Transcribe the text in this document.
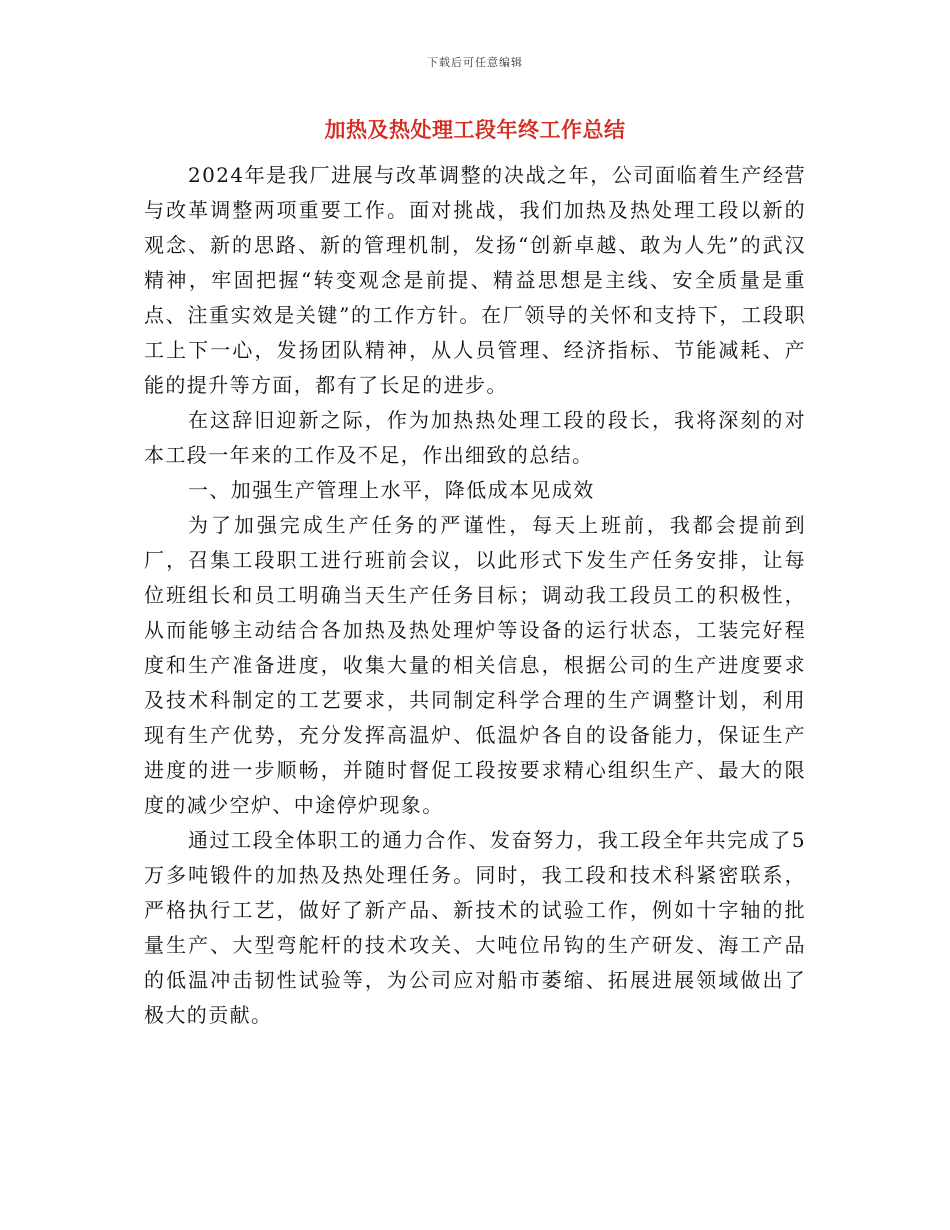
下载后可任意编辑
加热及热处理工段年终工作总结

2024年是我厂进展与改革调整的决战之年，公司面临着生产经营与改革调整两项重要工作。面对挑战，我们加热及热处理工段以新的观念、新的思路、新的管理机制，发扬“创新卓越、敢为人先”的武汉精神，牢固把握“转变观念是前提、精益思想是主线、安全质量是重点、注重实效是关键”的工作方针。在厂领导的关怀和支持下，工段职工上下一心，发扬团队精神，从人员管理、经济指标、节能减耗、产能的提升等方面，都有了长足的进步。

在这辞旧迎新之际，作为加热热处理工段的段长，我将深刻的对本工段一年来的工作及不足，作出细致的总结。

一、加强生产管理上水平，降低成本见成效

为了加强完成生产任务的严谨性，每天上班前，我都会提前到厂，召集工段职工进行班前会议，以此形式下发生产任务安排，让每位班组长和员工明确当天生产任务目标；调动我工段员工的积极性，从而能够主动结合各加热及热处理炉等设备的运行状态，工装完好程度和生产准备进度，收集大量的相关信息，根据公司的生产进度要求及技术科制定的工艺要求，共同制定科学合理的生产调整计划，利用现有生产优势，充分发挥高温炉、低温炉各自的设备能力，保证生产进度的进一步顺畅，并随时督促工段按要求精心组织生产、最大的限度的减少空炉、中途停炉现象。

通过工段全体职工的通力合作、发奋努力，我工段全年共完成了5万多吨锻件的加热及热处理任务。同时，我工段和技术科紧密联系，严格执行工艺，做好了新产品、新技术的试验工作，例如十字轴的批量生产、大型弯舵杆的技术攻关、大吨位吊钩的生产研发、海工产品的低温冲击韧性试验等，为公司应对船市萎缩、拓展进展领域做出了极大的贡献。
